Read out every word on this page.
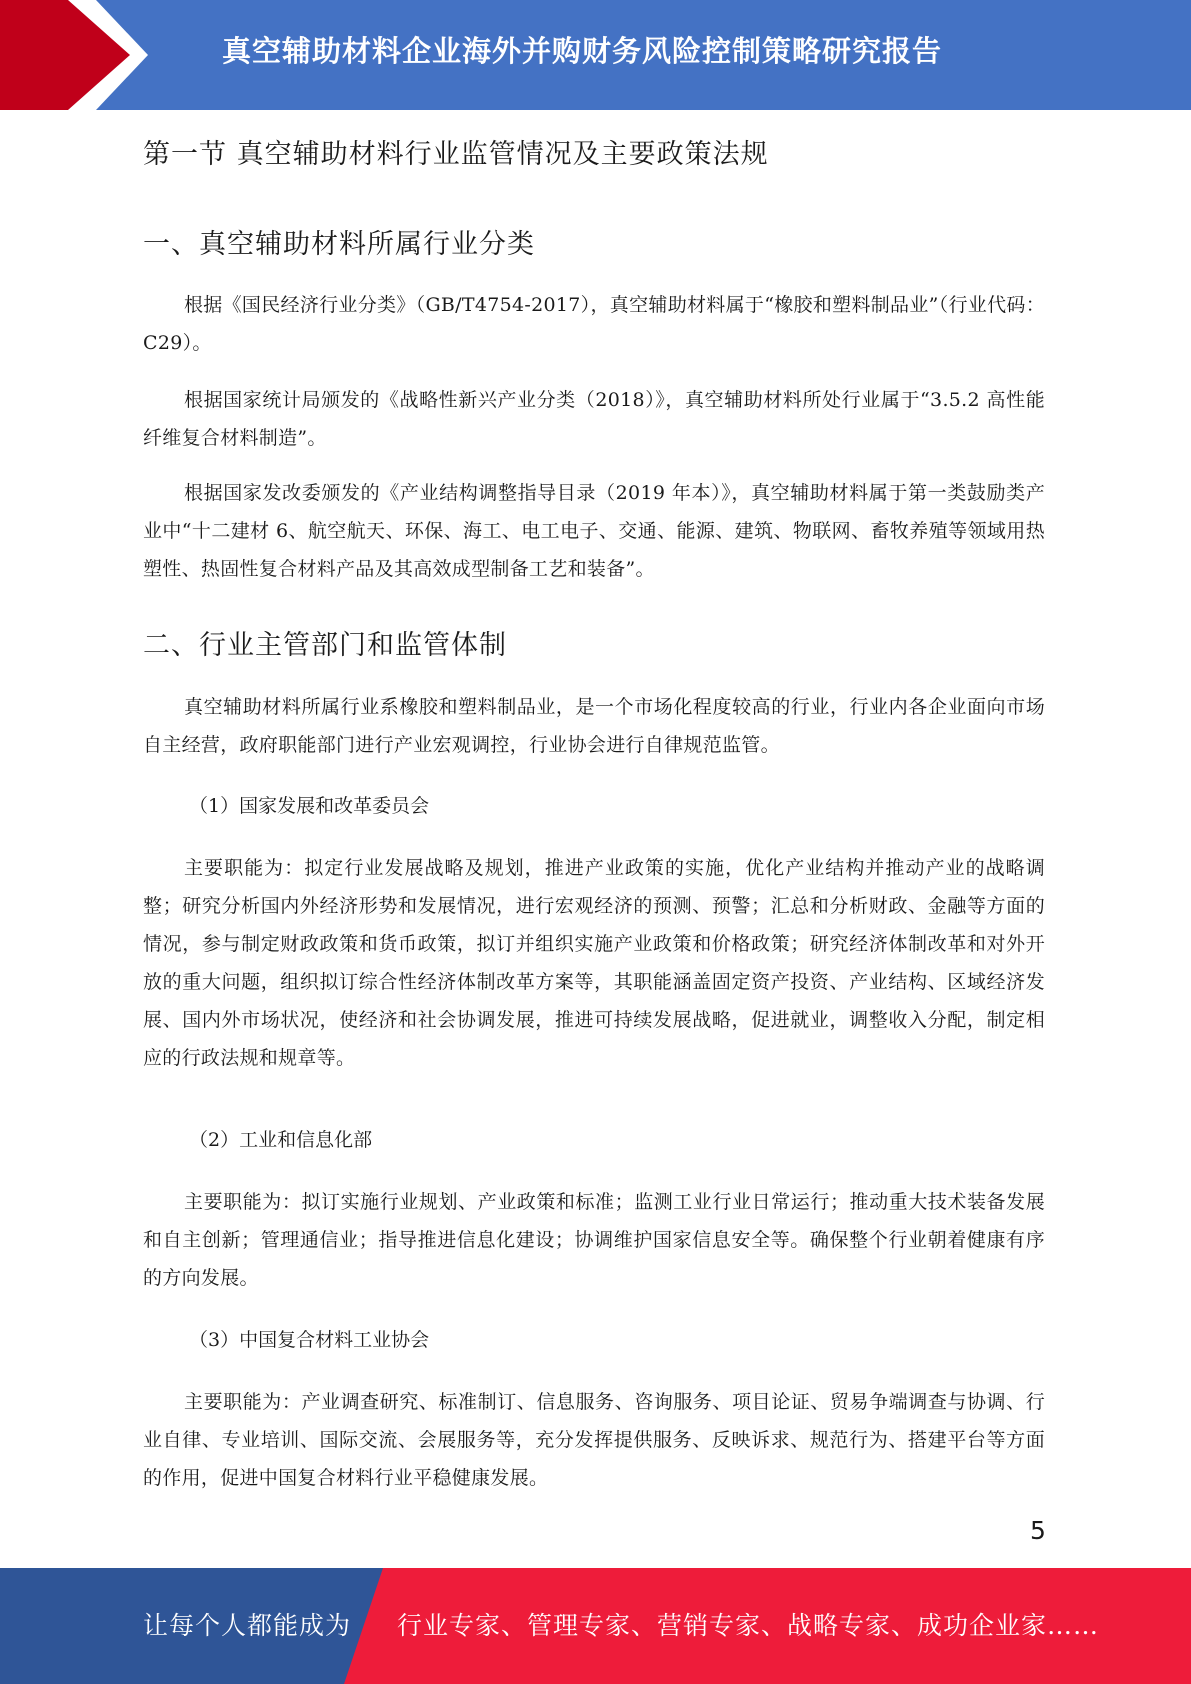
真空辅助材料企业海外并购财务风险控制策略研究报告
第一节 真空辅助材料行业监管情况及主要政策法规
一、真空辅助材料所属行业分类

根据《国民经济行业分类》（GB/T4754-2017），真空辅助材料属于“橡胶和塑料制品业”（行业代码：C29）。

根据国家统计局颁发的《战略性新兴产业分类（2018）》，真空辅助材料所处行业属于“3.5.2 高性能纤维复合材料制造”。

根据国家发改委颁发的《产业结构调整指导目录（2019 年本）》，真空辅助材料属于第一类鼓励类产业中“十二建材 6、航空航天、环保、海工、电工电子、交通、能源、建筑、物联网、畜牧养殖等领域用热塑性、热固性复合材料产品及其高效成型制备工艺和装备”。

二、行业主管部门和监管体制

真空辅助材料所属行业系橡胶和塑料制品业，是一个市场化程度较高的行业，行业内各企业面向市场自主经营，政府职能部门进行产业宏观调控，行业协会进行自律规范监管。

（1）国家发展和改革委员会

主要职能为：拟定行业发展战略及规划，推进产业政策的实施，优化产业结构并推动产业的战略调整；研究分析国内外经济形势和发展情况，进行宏观经济的预测、预警；汇总和分析财政、金融等方面的情况，参与制定财政政策和货币政策，拟订并组织实施产业政策和价格政策；研究经济体制改革和对外开放的重大问题，组织拟订综合性经济体制改革方案等，其职能涵盖固定资产投资、产业结构、区域经济发展、国内外市场状况，使经济和社会协调发展，推进可持续发展战略，促进就业，调整收入分配，制定相应的行政法规和规章等。

（2）工业和信息化部

主要职能为：拟订实施行业规划、产业政策和标准；监测工业行业日常运行；推动重大技术装备发展和自主创新；管理通信业；指导推进信息化建设；协调维护国家信息安全等。确保整个行业朝着健康有序的方向发展。

（3）中国复合材料工业协会

主要职能为：产业调查研究、标准制订、信息服务、咨询服务、项目论证、贸易争端调查与协调、行业自律、专业培训、国际交流、会展服务等，充分发挥提供服务、反映诉求、规范行为、搭建平台等方面的作用，促进中国复合材料行业平稳健康发展。

5
让每个人都能成为 行业专家、管理专家、营销专家、战略专家、成功企业家……
